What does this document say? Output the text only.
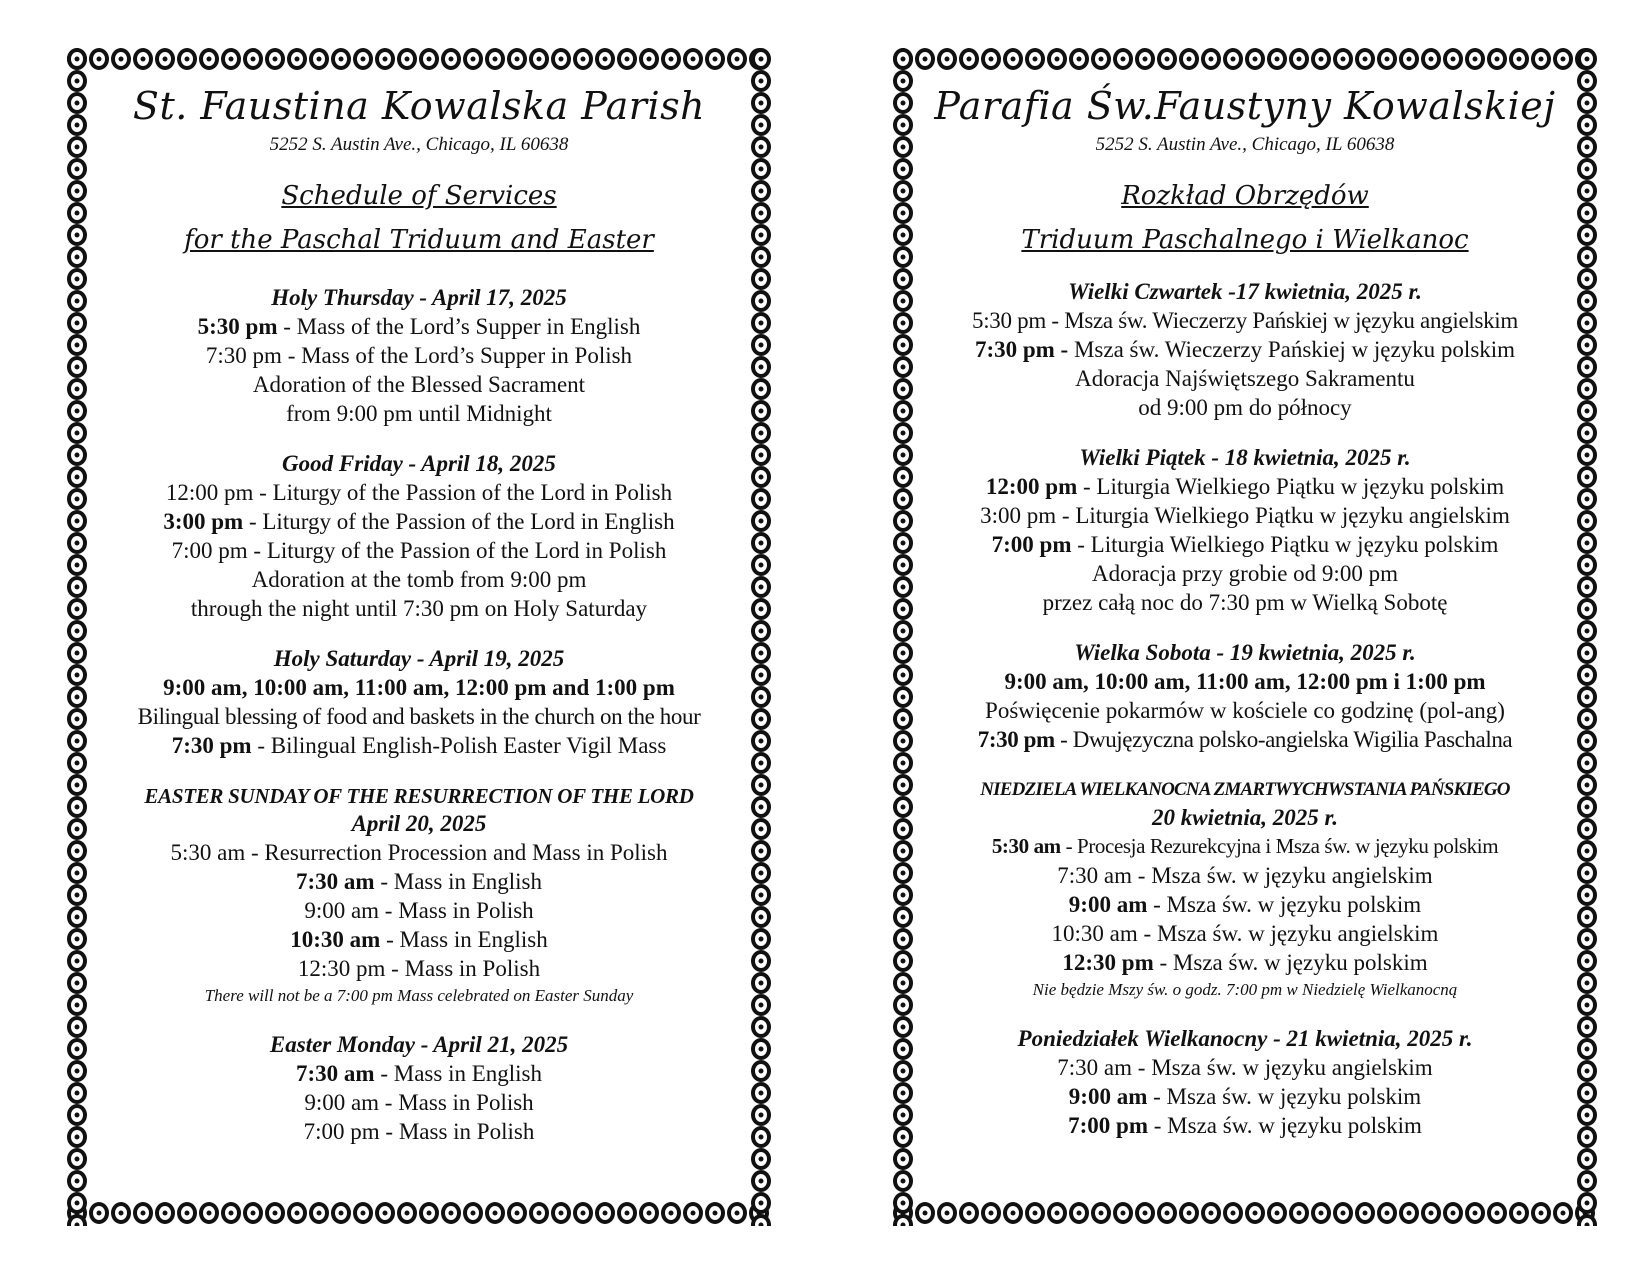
St. Faustina Kowalska Parish
5252 S. Austin Ave., Chicago, IL 60638
Schedule of Services
for the Paschal Triduum and Easter
Holy Thursday - April 17, 2025
5:30 pm - Mass of the Lord’s Supper in English
7:30 pm - Mass of the Lord’s Supper in Polish
Adoration of the Blessed Sacrament
from 9:00 pm until Midnight
Good Friday - April 18, 2025
12:00 pm - Liturgy of the Passion of the Lord in Polish
3:00 pm - Liturgy of the Passion of the Lord in English
7:00 pm - Liturgy of the Passion of the Lord in Polish
Adoration at the tomb from 9:00 pm
through the night until 7:30 pm on Holy Saturday
Holy Saturday - April 19, 2025
9:00 am, 10:00 am, 11:00 am, 12:00 pm and 1:00 pm
Bilingual blessing of food and baskets in the church on the hour
7:30 pm - Bilingual English-Polish Easter Vigil Mass
EASTER SUNDAY OF THE RESURRECTION OF THE LORD
April 20, 2025
5:30 am - Resurrection Procession and Mass in Polish
7:30 am - Mass in English
9:00 am - Mass in Polish
10:30 am - Mass in English
12:30 pm - Mass in Polish
There will not be a 7:00 pm Mass celebrated on Easter Sunday
Easter Monday - April 21, 2025
7:30 am - Mass in English
9:00 am - Mass in Polish
7:00 pm - Mass in Polish
Parafia Św.Faustyny Kowalskiej
5252 S. Austin Ave., Chicago, IL 60638
Rozkład Obrzędów
Triduum Paschalnego i Wielkanoc
Wielki Czwartek -17 kwietnia, 2025 r.
5:30 pm - Msza św. Wieczerzy Pańskiej w języku angielskim
7:30 pm - Msza św. Wieczerzy Pańskiej w języku polskim
Adoracja Najświętszego Sakramentu
od 9:00 pm do północy
Wielki Piątek - 18 kwietnia, 2025 r.
12:00 pm - Liturgia Wielkiego Piątku w języku polskim
3:00 pm - Liturgia Wielkiego Piątku w języku angielskim
7:00 pm - Liturgia Wielkiego Piątku w języku polskim
Adoracja przy grobie od 9:00 pm
przez całą noc do 7:30 pm w Wielką Sobotę
Wielka Sobota - 19 kwietnia, 2025 r.
9:00 am, 10:00 am, 11:00 am, 12:00 pm i 1:00 pm
Poświęcenie pokarmów w kościele co godzinę (pol-ang)
7:30 pm - Dwujęzyczna polsko-angielska Wigilia Paschalna
NIEDZIELA WIELKANOCNA ZMARTWYCHWSTANIA PAŃSKIEGO
20 kwietnia, 2025 r.
5:30 am - Procesja Rezurekcyjna i Msza św. w języku polskim
7:30 am - Msza św. w języku angielskim
9:00 am - Msza św. w języku polskim
10:30 am - Msza św. w języku angielskim
12:30 pm - Msza św. w języku polskim
Nie będzie Mszy św. o godz. 7:00 pm w Niedzielę Wielkanocną
Poniedziałek Wielkanocny - 21 kwietnia, 2025 r.
7:30 am - Msza św. w języku angielskim
9:00 am - Msza św. w języku polskim
7:00 pm - Msza św. w języku polskim
